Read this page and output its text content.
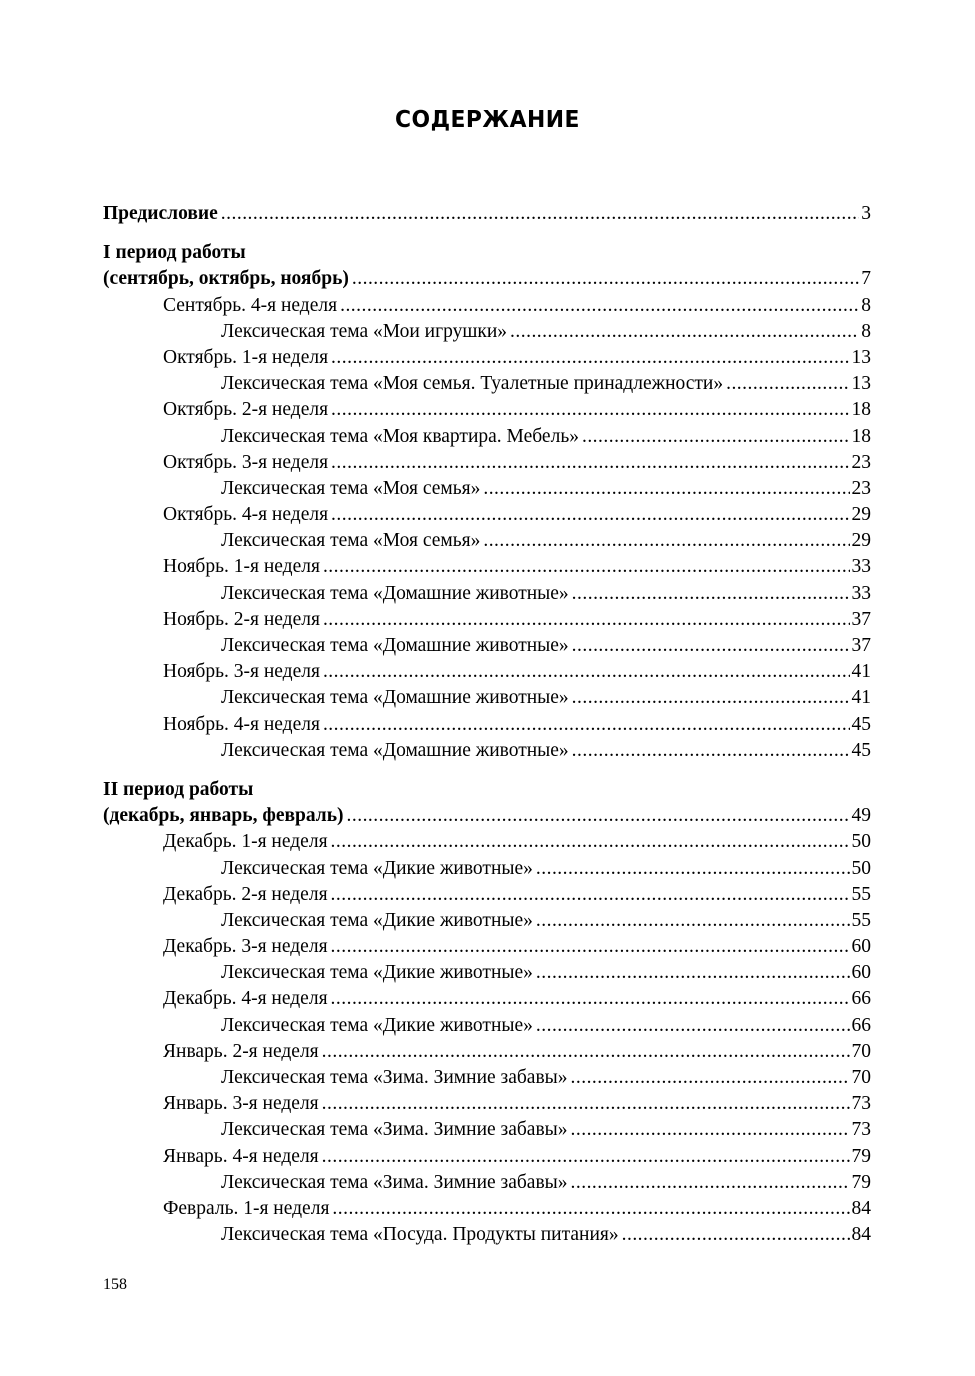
СОДЕРЖАНИЕ
Предисловие . . .	3
I период работы
(сентябрь, октябрь, ноябрь) . . .	7
Сентябрь. 4-я неделя . . .	8
Лексическая тема «Мои игрушки» . . .	8
Октябрь. 1-я неделя . . .	13
Лексическая тема «Моя семья. Туалетные принадлежности» . . .	13
Октябрь. 2-я неделя . . .	18
Лексическая тема «Моя квартира. Мебель» . . .	18
Октябрь. 3-я неделя . . .	23
Лексическая тема «Моя семья» . . .	23
Октябрь. 4-я неделя . . .	29
Лексическая тема «Моя семья» . . .	29
Ноябрь. 1-я неделя . . .	33
Лексическая тема «Домашние животные» . . .	33
Ноябрь. 2-я неделя . . .	37
Лексическая тема «Домашние животные» . . .	37
Ноябрь. 3-я неделя . . .	41
Лексическая тема «Домашние животные» . . .	41
Ноябрь. 4-я неделя . . .	45
Лексическая тема «Домашние животные» . . .	45
II период работы
(декабрь, январь, февраль) . . .	49
Декабрь. 1-я неделя . . .	50
Лексическая тема «Дикие животные» . . .	50
Декабрь. 2-я неделя . . .	55
Лексическая тема «Дикие животные» . . .	55
Декабрь. 3-я неделя . . .	60
Лексическая тема «Дикие животные» . . .	60
Декабрь. 4-я неделя . . .	66
Лексическая тема «Дикие животные» . . .	66
Январь. 2-я неделя . . .	70
Лексическая тема «Зима. Зимние забавы» . . .	70
Январь. 3-я неделя . . .	73
Лексическая тема «Зима. Зимние забавы» . . .	73
Январь. 4-я неделя . . .	79
Лексическая тема «Зима. Зимние забавы» . . .	79
Февраль. 1-я неделя . . .	84
Лексическая тема «Посуда. Продукты питания» . . .	84
158
